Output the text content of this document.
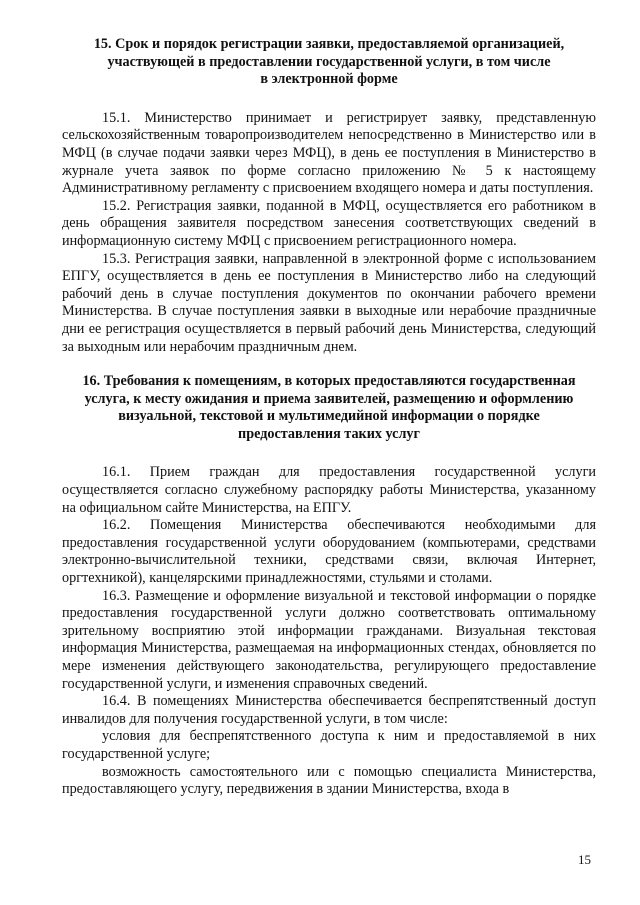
15. Срок и порядок регистрации заявки, предоставляемой организацией,
участвующей в предоставлении государственной услуги, в том числе
в электронной форме

15.1. Министерство принимает и регистрирует заявку, представленную сельскохозяйственным товаропроизводителем непосредственно в Министерство или в МФЦ (в случае подачи заявки через МФЦ), в день ее поступления в Министерство в журнале учета заявок по форме согласно приложению № 5 к настоящему Административному регламенту с присвоением входящего номера и даты поступления.

15.2. Регистрация заявки, поданной в МФЦ, осуществляется его работником в день обращения заявителя посредством занесения соответствующих сведений в информационную систему МФЦ с присвоением регистрационного номера.

15.3. Регистрация заявки, направленной в электронной форме с использованием ЕПГУ, осуществляется в день ее поступления в Министерство либо на следующий рабочий день в случае поступления документов по окончании рабочего времени Министерства. В случае поступления заявки в выходные или нерабочие праздничные дни ее регистрация осуществляется в первый рабочий день Министерства, следующий за выходным или нерабочим праздничным днем.

16. Требования к помещениям, в которых предоставляются государственная
услуга, к месту ожидания и приема заявителей, размещению и оформлению
визуальной, текстовой и мультимедийной информации о порядке
предоставления таких услуг

16.1. Прием граждан для предоставления государственной услуги осуществляется согласно служебному распорядку работы Министерства, указанному на официальном сайте Министерства, на ЕПГУ.

16.2. Помещения Министерства обеспечиваются необходимыми для предоставления государственной услуги оборудованием (компьютерами, средствами электронно-вычислительной техники, средствами связи, включая Интернет, оргтехникой), канцелярскими принадлежностями, стульями и столами.

16.3. Размещение и оформление визуальной и текстовой информации о порядке предоставления государственной услуги должно соответствовать оптимальному зрительному восприятию этой информации гражданами. Визуальная текстовая информация Министерства, размещаемая на информационных стендах, обновляется по мере изменения действующего законодательства, регулирующего предоставление государственной услуги, и изменения справочных сведений.

16.4. В помещениях Министерства обеспечивается беспрепятственный доступ инвалидов для получения государственной услуги, в том числе:

условия для беспрепятственного доступа к ним и предоставляемой в них государственной услуге;

возможность самостоятельного или с помощью специалиста Министерства, предоставляющего услугу, передвижения в здании Министерства, входа в

15
